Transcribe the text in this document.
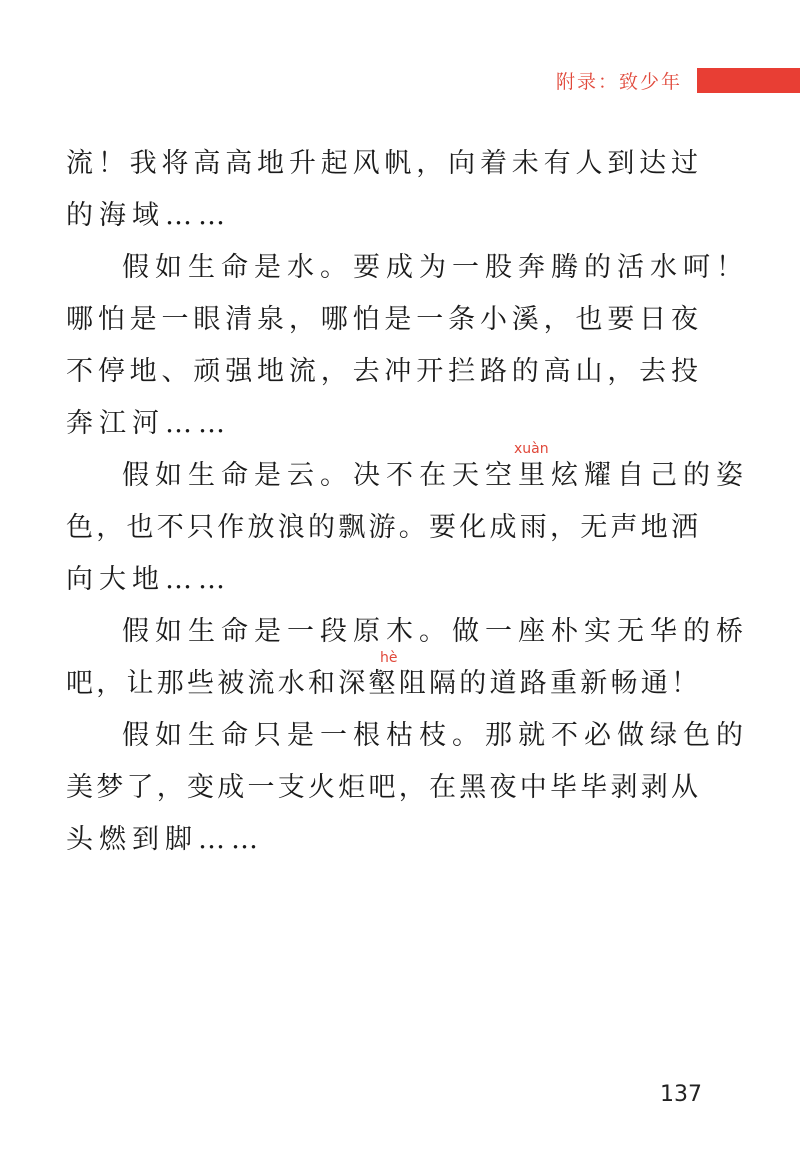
附录：致少年
流！我将高高地升起风帆，向着未有人到达过
的海域……
假如生命是水。要成为一股奔腾的活水呵！
哪怕是一眼清泉，哪怕是一条小溪，也要日夜
不停地、顽强地流，去冲开拦路的高山，去投
奔江河……
xuàn
假如生命是云。决不在天空里炫耀自己的姿
色，也不只作放浪的飘游。要化成雨，无声地洒
向大地……
假如生命是一段原木。做一座朴实无华的桥
hè
吧，让那些被流水和深壑阻隔的道路重新畅通！
假如生命只是一根枯枝。那就不必做绿色的
美梦了，变成一支火炬吧，在黑夜中毕毕剥剥从
头燃到脚……
137
